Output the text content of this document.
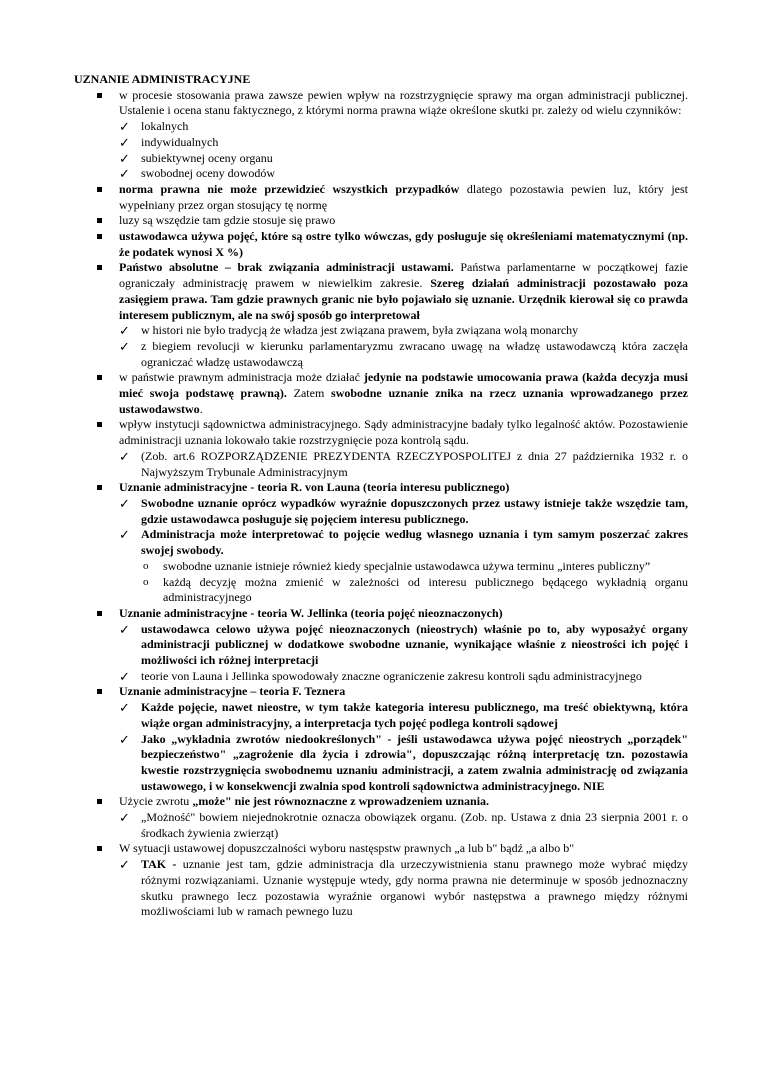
UZNANIE ADMINISTRACYJNE

w procesie stosowania prawa zawsze pewien wpływ na rozstrzygnięcie sprawy ma organ administracji publicznej. Ustalenie i ocena stanu faktycznego, z którymi norma prawna wiąże określone skutki pr. zależy od wielu czynników:
✓ lokalnych
✓ indywidualnych
✓ subiektywnej oceny organu
✓ swobodnej oceny dowodów
norma prawna nie może przewidzieć wszystkich przypadków dlatego pozostawia pewien luz, który jest wypełniany przez organ stosujący tę normę
luzy są wszędzie tam gdzie stosuje się prawo
ustawodawca używa pojęć, które są ostre tylko wówczas, gdy posługuje się określeniami matematycznymi (np. że podatek wynosi X %)
Państwo absolutne – brak związania administracji ustawami. Państwa parlamentarne w początkowej fazie ograniczały administrację prawem w niewielkim zakresie. Szereg działań administracji pozostawało poza zasięgiem prawa. Tam gdzie prawnych granic nie było pojawiało się uznanie. Urzędnik kierował się co prawda interesem publicznym, ale na swój sposób go interpretował
✓ w histori nie było tradycją że władza jest związana prawem, była związana wolą monarchy
✓ z biegiem revolucji w kierunku parlamentaryzmu zwracano uwagę na władzę ustawodawczą która zaczęła ograniczać władzę ustawodawczą
w państwie prawnym administracja może działać jedynie na podstawie umocowania prawa (każda decyzja musi mieć swoja podstawę prawną). Zatem swobodne uznanie znika na rzecz uznania wprowadzanego przez ustawodawstwo.
wpływ instytucji sądownictwa administracyjnego. Sądy administracyjne badały tylko legalność aktów. Pozostawienie administracji uznania lokowało takie rozstrzygnięcie poza kontrolą sądu.
✓ (Zob. art.6 ROZPORZĄDZENIE PREZYDENTA RZECZYPOSPOLITEJ z dnia 27 października 1932 r. o Najwyższym Trybunale Administracyjnym
Uznanie administracyjne - teoria R. von Launa (teoria interesu publicznego)
✓ Swobodne uznanie oprócz wypadków wyraźnie dopuszczonych przez ustawy istnieje także wszędzie tam, gdzie ustawodawca posługuje się pojęciem interesu publicznego.
✓ Administracja może interpretować to pojęcie według własnego uznania i tym samym poszerzać zakres swojej swobody.
o swobodne uznanie istnieje również kiedy specjalnie ustawodawca używa terminu „interes publiczny”
o każdą decyzję można zmienić w zależności od interesu publicznego będącego wykładnią organu administracyjnego
Uznanie administracyjne - teoria W. Jellinka (teoria pojęć nieoznaczonych)
✓ ustawodawca celowo używa pojęć nieoznaczonych (nieostrych) właśnie po to, aby wyposażyć organy administracji publicznej w dodatkowe swobodne uznanie, wynikające właśnie z nieostrości ich pojęć i możliwości ich różnej interpretacji
✓ teorie von Launa i Jellinka spowodowały znaczne ograniczenie zakresu kontroli sądu administracyjnego
Uznanie administracyjne – teoria F. Teznera
✓ Każde pojęcie, nawet nieostre, w tym także kategoria interesu publicznego, ma treść obiektywną, która wiąże organ administracyjny, a interpretacja tych pojęć podlega kontroli sądowej
✓ Jako „wykładnia zwrotów niedookreślonych" - jeśli ustawodawca używa pojęć nieostrych „porządek" bezpieczeństwo" „zagrożenie dla życia i zdrowia", dopuszczając różną interpretację tzn. pozostawia kwestie rozstrzygnięcia swobodnemu uznaniu administracji, a zatem zwalnia administrację od związania ustawowego, i w konsekwencji zwalnia spod kontroli sądownictwa administracyjnego. NIE
Użycie zwrotu „może" nie jest równoznaczne z wprowadzeniem uznania.
✓ „Możność" bowiem niejednokrotnie oznacza obowiązek organu. (Zob. np. Ustawa z dnia 23 sierpnia 2001 r. o środkach żywienia zwierząt)
W sytuacji ustawowej dopuszczalności wyboru nastęspstw prawnych „a lub b" bądź „a albo b"
✓ TAK - uznanie jest tam, gdzie administracja dla urzeczywistnienia stanu prawnego może wybrać między różnymi rozwiązaniami. Uznanie występuje wtedy, gdy norma prawna nie determinuje w sposób jednoznaczny skutku prawnego lecz pozostawia wyraźnie organowi wybór następstwa a prawnego między różnymi możliwościami lub w ramach pewnego luzu
